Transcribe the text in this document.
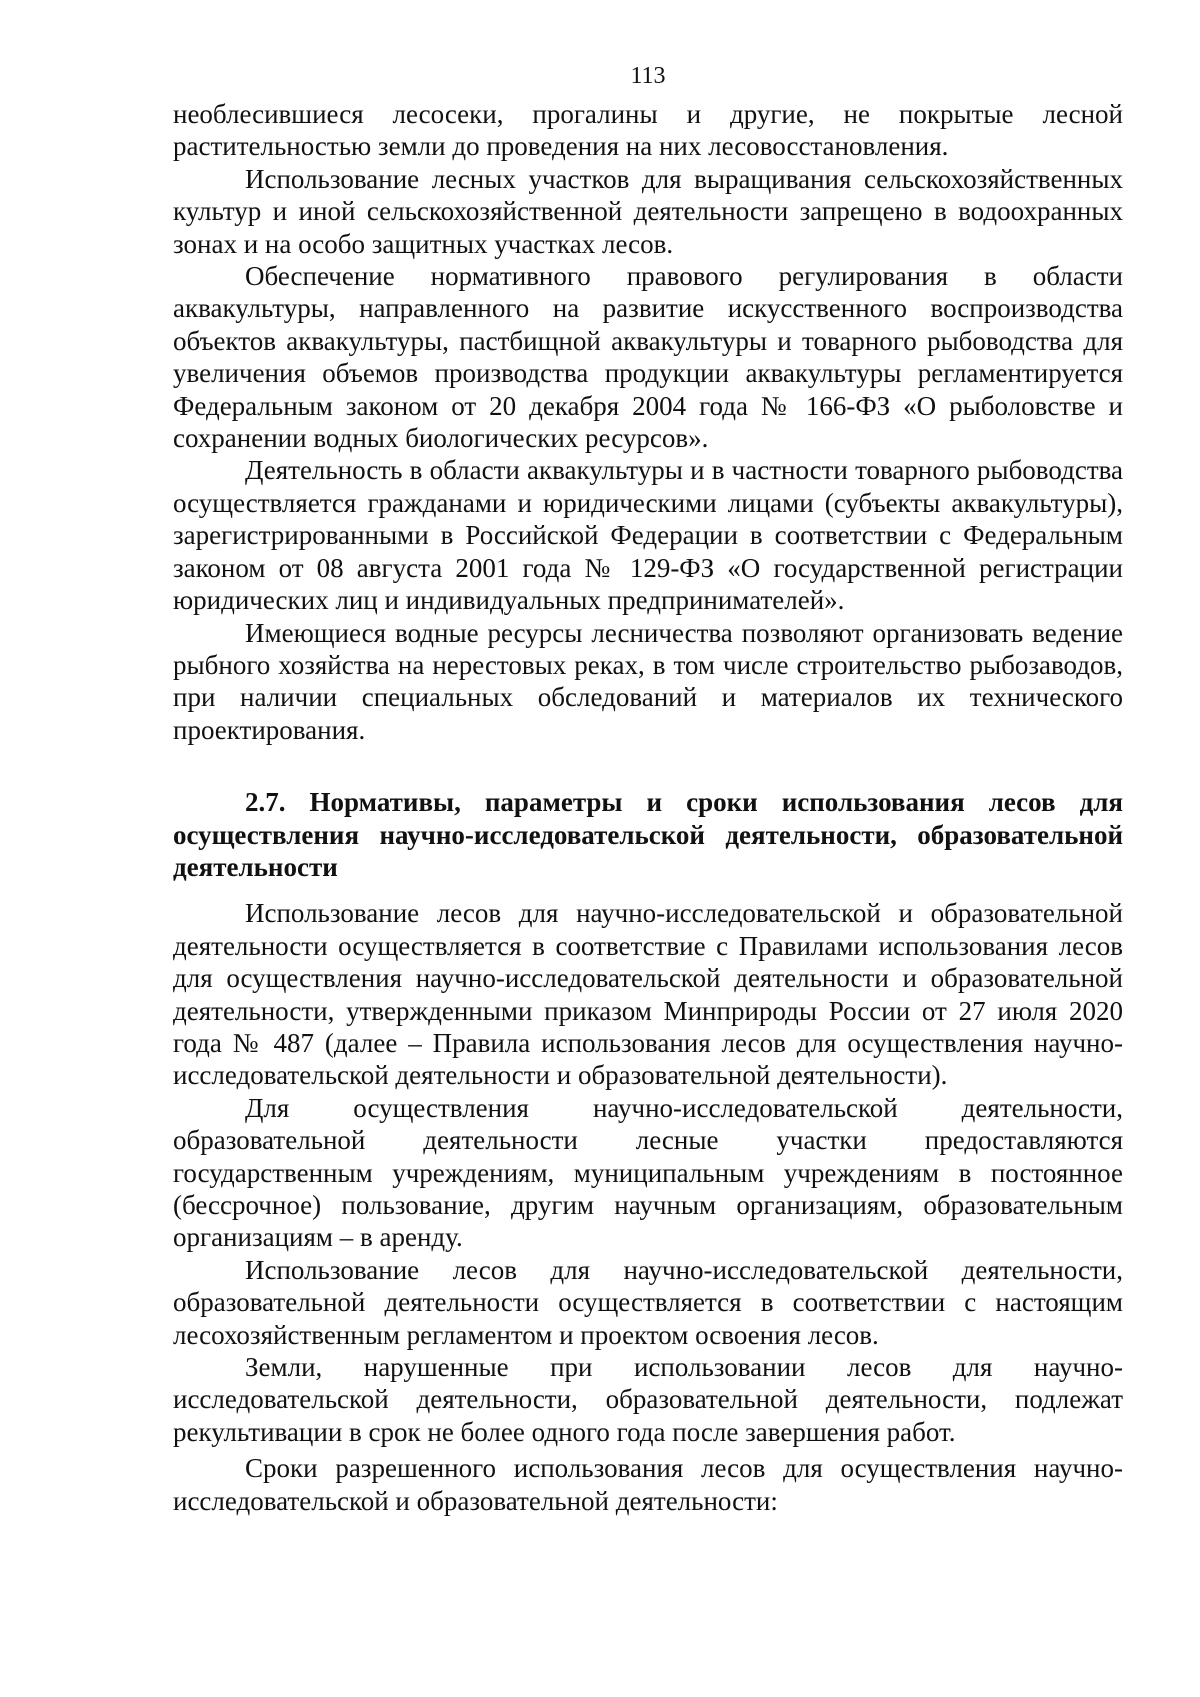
113

необлесившиеся лесосеки, прогалины и другие, не покрытые лесной растительностью земли до проведения на них лесовосстановления.

Использование лесных участков для выращивания сельскохозяйственных культур и иной сельскохозяйственной деятельности запрещено в водоохранных зонах и на особо защитных участках лесов.

Обеспечение нормативного правового регулирования в области аквакультуры, направленного на развитие искусственного воспроизводства объектов аквакультуры, пастбищной аквакультуры и товарного рыбоводства для увеличения объемов производства продукции аквакультуры регламентируется Федеральным законом от 20 декабря 2004 года № 166-ФЗ «О рыболовстве и сохранении водных биологических ресурсов».

Деятельность в области аквакультуры и в частности товарного рыбоводства осуществляется гражданами и юридическими лицами (субъекты аквакультуры), зарегистрированными в Российской Федерации в соответствии с Федеральным законом от 08 августа 2001 года № 129-ФЗ «О государственной регистрации юридических лиц и индивидуальных предпринимателей».

Имеющиеся водные ресурсы лесничества позволяют организовать ведение рыбного хозяйства на нерестовых реках, в том числе строительство рыбозаводов, при наличии специальных обследований и материалов их технического проектирования.

2.7. Нормативы, параметры и сроки использования лесов для осуществления научно-исследовательской деятельности, образовательной деятельности

Использование лесов для научно-исследовательской и образовательной деятельности осуществляется в соответствие с Правилами использования лесов для осуществления научно-исследовательской деятельности и образовательной деятельности, утвержденными приказом Минприроды России от 27 июля 2020 года № 487 (далее – Правила использования лесов для осуществления научно-исследовательской деятельности и образовательной деятельности).

Для осуществления научно-исследовательской деятельности, образовательной деятельности лесные участки предоставляются государственным учреждениям, муниципальным учреждениям в постоянное (бессрочное) пользование, другим научным организациям, образовательным организациям – в аренду.

Использование лесов для научно-исследовательской деятельности, образовательной деятельности осуществляется в соответствии с настоящим лесохозяйственным регламентом и проектом освоения лесов.

Земли, нарушенные при использовании лесов для научно-исследовательской деятельности, образовательной деятельности, подлежат рекультивации в срок не более одного года после завершения работ.

Сроки разрешенного использования лесов для осуществления научно-исследовательской и образовательной деятельности:
